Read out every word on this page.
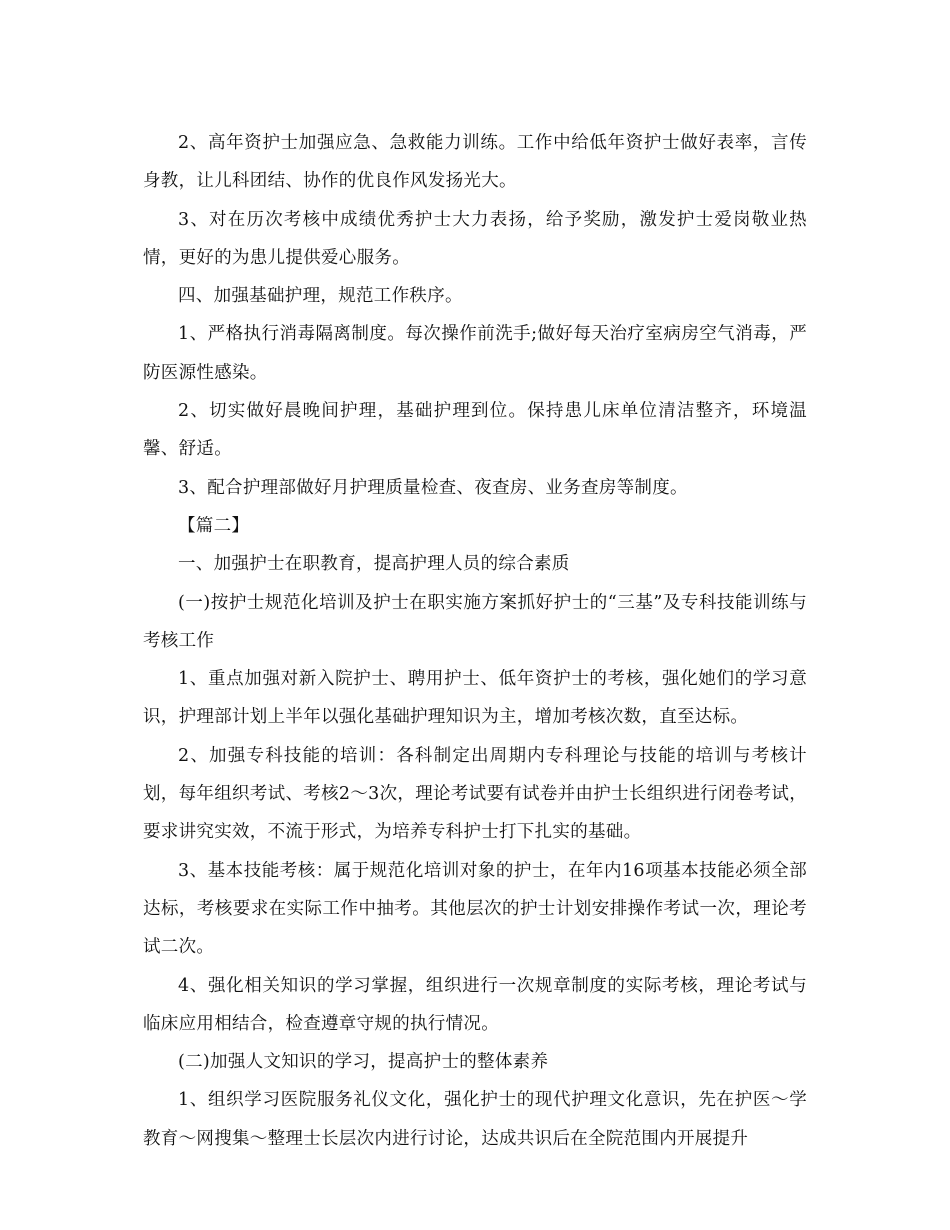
2、高年资护士加强应急、急救能力训练。工作中给低年资护士做好表率，言传身教，让儿科团结、协作的优良作风发扬光大。

3、对在历次考核中成绩优秀护士大力表扬，给予奖励，激发护士爱岗敬业热情，更好的为患儿提供爱心服务。

四、加强基础护理，规范工作秩序。

1、严格执行消毒隔离制度。每次操作前洗手;做好每天治疗室病房空气消毒，严防医源性感染。

2、切实做好晨晚间护理，基础护理到位。保持患儿床单位清洁整齐，环境温馨、舒适。

3、配合护理部做好月护理质量检查、夜查房、业务查房等制度。

【篇二】

一、加强护士在职教育，提高护理人员的综合素质

(一)按护士规范化培训及护士在职实施方案抓好护士的“三基”及专科技能训练与考核工作

1、重点加强对新入院护士、聘用护士、低年资护士的考核，强化她们的学习意识，护理部计划上半年以强化基础护理知识为主，增加考核次数，直至达标。

2、加强专科技能的培训：各科制定出周期内专科理论与技能的培训与考核计划，每年组织考试、考核2～3次，理论考试要有试卷并由护士长组织进行闭卷考试，要求讲究实效，不流于形式，为培养专科护士打下扎实的基础。

3、基本技能考核：属于规范化培训对象的护士，在年内16项基本技能必须全部达标，考核要求在实际工作中抽考。其他层次的护士计划安排操作考试一次，理论考试二次。

4、强化相关知识的学习掌握，组织进行一次规章制度的实际考核，理论考试与临床应用相结合，检查遵章守规的执行情况。

(二)加强人文知识的学习，提高护士的整体素养

1、组织学习医院服务礼仪文化，强化护士的现代护理文化意识，先在护医～学教育～网搜集～整理士长层次内进行讨论，达成共识后在全院范围内开展提升
